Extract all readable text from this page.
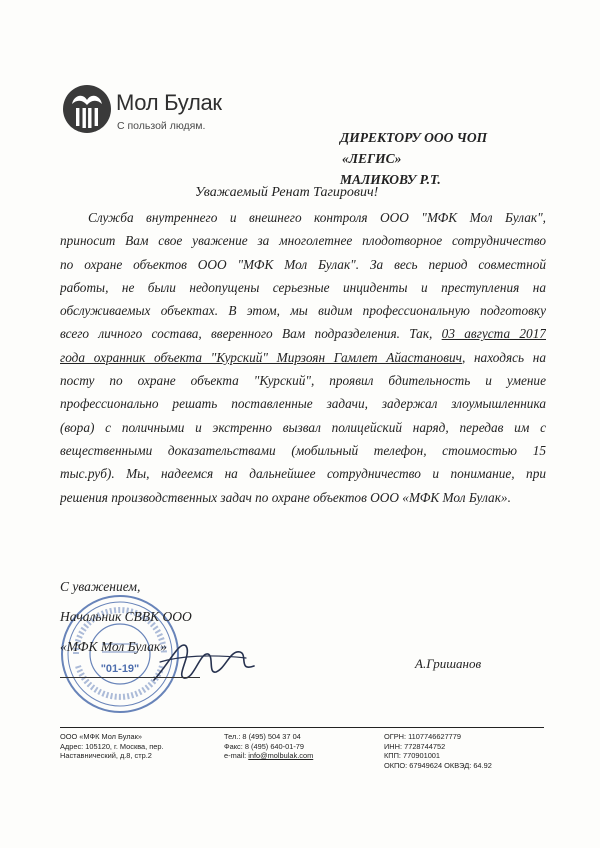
Мол Булак
С пользой людям.
ДИРЕКТОРУ ООО ЧОП
«ЛЕГИС»
МАЛИКОВУ Р.Т.
Уважаемый Ренат Тагирович!
Служба внутреннего и внешнего контроля ООО "МФК Мол Булак",
приносит Вам свое уважение за многолетнее плодотворное сотрудничество
по охране объектов ООО "МФК Мол Булак". За весь период совместной
работы, не были недопущены серьезные инциденты и преступления на
обслуживаемых объектах. В этом, мы видим профессиональную подготовку
всего личного состава, вверенного Вам подразделения. Так, 03 августа 2017
года охранник объекта "Курский" Мирзоян Гамлет Айастанович, находясь на
посту по охране объекта "Курский", проявил бдительность и умение
профессионально решать поставленные задачи, задержал злоумышленника
(вора) с поличными и экстренно вызвал полицейский наряд, передав им с
вещественными доказательствами (мобильный телефон, стоимостью 15
тыс.руб). Мы, надеемся на дальнейшее сотрудничество и понимание, при
решения производственных задач по охране объектов ООО «МФК Мол Булак».
"01-19"
С уважением,
Начальник СВВК ООО
«МФК Мол Булак»
А.Гришанов
ООО «МФК Мол Булак»
Адрес: 105120, г. Москва, пер.
Наставнический, д.8, стр.2
Тел.: 8 (495) 504 37 04
Факс: 8 (495) 640-01-79
e-mail: info@molbulak.com
ОГРН: 1107746627779
ИНН: 7728744752
КПП: 770901001
ОКПО: 67949624 ОКВЭД: 64.92
